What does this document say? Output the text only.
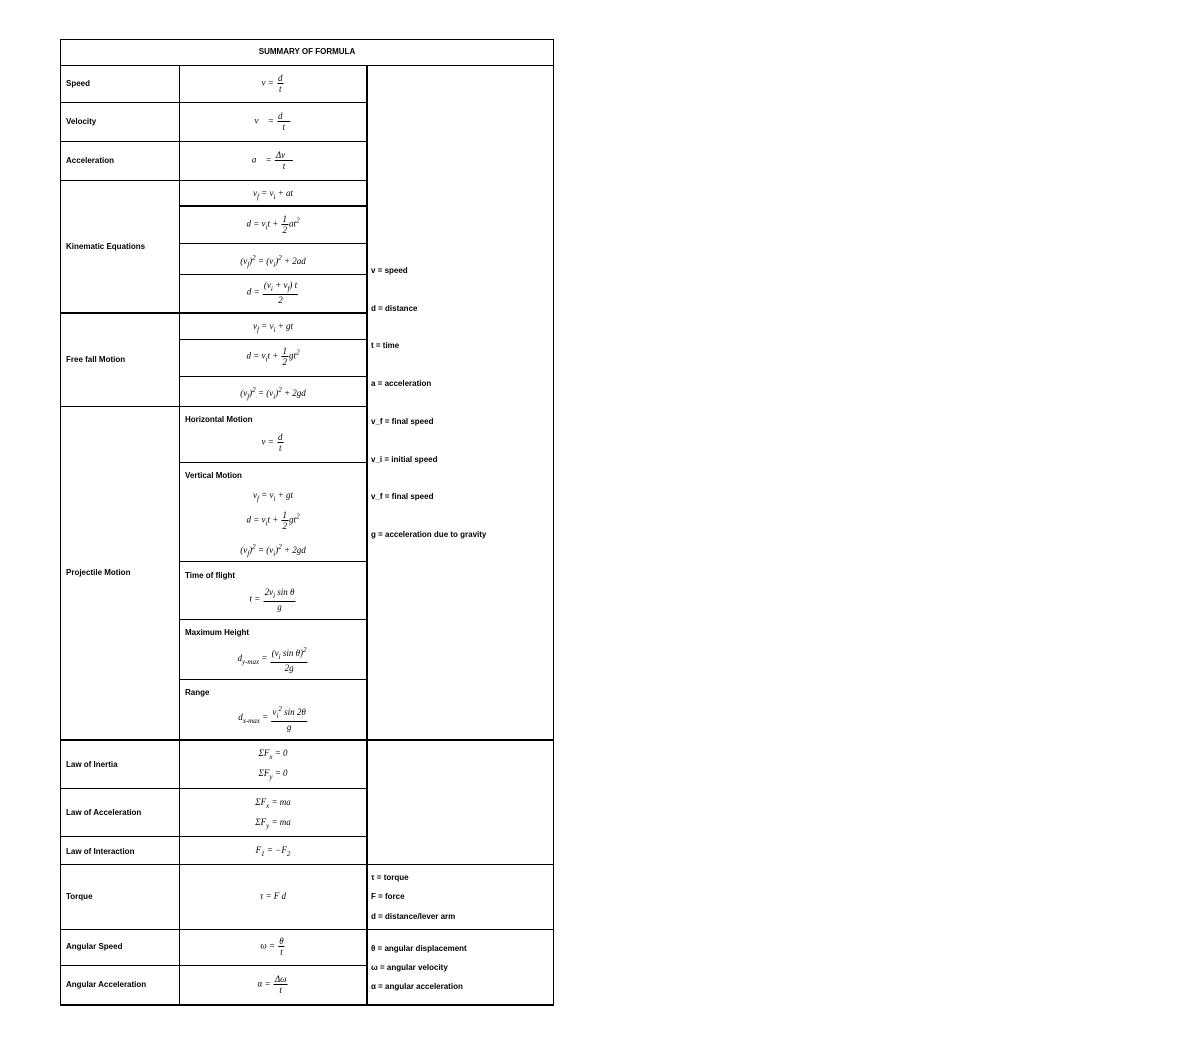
SUMMARY OF FORMULA
Speed
Velocity
Acceleration
Kinematic Equations
Free fall Motion
Projectile Motion
Law of Inertia
Law of Acceleration
Law of Interaction
Torque
Angular Speed
Angular Acceleration
Horizontal Motion
Vertical Motion
Time of flight
Maximum Height
Range
$v = \frac{d}{t}$
v⃗ = $\frac{d⃗}{t}$
a⃗ = $\frac{\Delta v⃗}{t}$
$v_f = v_i$ + at
$d = v_it + \frac{1}{2} at^2$
$(v_f)^2 = (v_i)^2 + 2ad$
$d = \frac{(v_i + v_f) t}{2}$
$v_f = v_i$ + gt
$d = v_it + \frac{1}{2} gt^2$
$(v_f)^2 = (v_i)^2 + 2gd$
$v = \frac{d}{t}$
$v_f = v_i$ + gt
$d = v_it + \frac{1}{2} gt^2$
$(v_f)^2 = (v_i)^2 + 2gd$
$t = \frac{2v_i \sin \theta}{g}$
$d_{y-max} = \frac{(v_i \sin \theta)^2}{2g}$
$d_{x-max} = \frac{v_i^2 \sin 2\theta}{g}$
$\Sigma F_x = 0$
$\Sigma F_y = 0$
$\Sigma F_x$ = ma
$\Sigma F_y$ = ma
$F_1 = -F_2$
τ = F d
$\omega = \frac{\theta}{t}$
$\alpha = \frac{\Delta\omega}{t}$
v = speed
d = distance
t = time
a = acceleration
v_f = final speed
v_i = initial speed
v_f = final speed
g = acceleration due to gravity
τ = torque
F = force
d = distance/lever arm
θ = angular displacement
ω = angular velocity
α = angular acceleration
